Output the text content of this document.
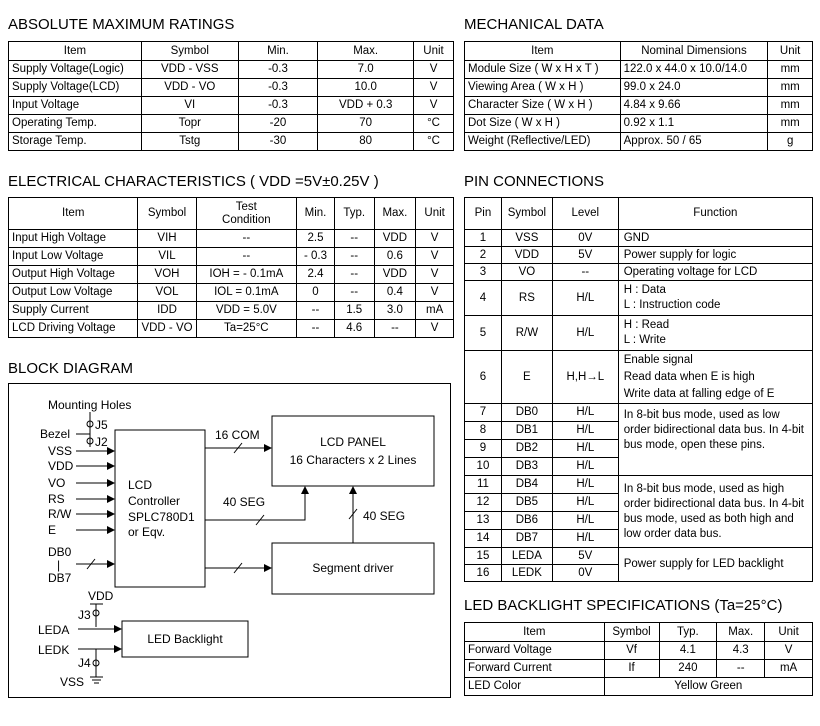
ABSOLUTE MAXIMUM RATINGS
Item	Symbol	Min.	Max.	Unit
Supply Voltage(Logic)	VDD - VSS	-0.3	7.0	V
Supply Voltage(LCD)	VDD - VO	-0.3	10.0	V
Input Voltage	VI	-0.3	VDD + 0.3	V
Operating Temp.	Topr	-20	70	°C
Storage Temp.	Tstg	-30	80	°C
MECHANICAL DATA
Item	Nominal Dimensions	Unit
Module Size ( W x H x T )	122.0 x 44.0 x 10.0/14.0	mm
Viewing Area ( W x H )	99.0 x 24.0	mm
Character Size ( W x H )	4.84 x 9.66	mm
Dot Size ( W x H )	0.92 x 1.1	mm
Weight (Reflective/LED)	Approx. 50 / 65	g
ELECTRICAL CHARACTERISTICS ( VDD =5V±0.25V )
Item	Symbol	Test Condition	Min.	Typ.	Max.	Unit
Input High Voltage	VIH	--	2.5	--	VDD	V
Input Low Voltage	VIL	--	- 0.3	--	0.6	V
Output High Voltage	VOH	IOH = - 0.1mA	2.4	--	VDD	V
Output Low Voltage	VOL	IOL = 0.1mA	0	--	0.4	V
Supply Current	IDD	VDD = 5.0V	--	1.5	3.0	mA
LCD Driving Voltage	VDD - VO	Ta=25°C	--	4.6	--	V
PIN CONNECTIONS
Pin	Symbol	Level	Function
1	VSS	0V	GND
2	VDD	5V	Power supply for logic
3	VO	--	Operating voltage for LCD
4	RS	H/L	H : Data
L : Instruction code

5	R/W	H/L	H : Read
L : Write

6	E	H,H→L	Enable signal
Read data when E is high
Write data at falling edge of E

7	DB0	H/L	In 8-bit bus mode, used as low order bidirectional data bus. In 4-bit bus mode, open these pins.
8	DB1	H/L	
9	DB2	H/L	
10	DB3	H/L	
11	DB4	H/L	In 8-bit bus mode, used as high order bidirectional data bus. In 4-bit bus mode, used as both high and low order data bus.
12	DB5	H/L	
13	DB6	H/L	
14	DB7	H/L	
15	LEDA	5V	Power supply for LED backlight
16	LEDK	0V	
LED BACKLIGHT SPECIFICATIONS (Ta=25°C)
Item	Symbol	Typ.	Max.	Unit
Forward Voltage	Vf	4.1	4.3	V
Forward Current	If	240	--	mA
LED Color	Yellow Green			
BLOCK DIAGRAM
Mounting Holes
J5
Bezel
J2
VSS
VDD
VO
RS
R/W
E
DB0
|
DB7
LCD
Controller
SPLC780D1
or Eqv.
LCD PANEL
16 Characters x 2 Lines
16 COM
40 SEG
Segment driver
40 SEG
VDD
J3
LEDA
LEDK
J4
VSS
LED Backlight
